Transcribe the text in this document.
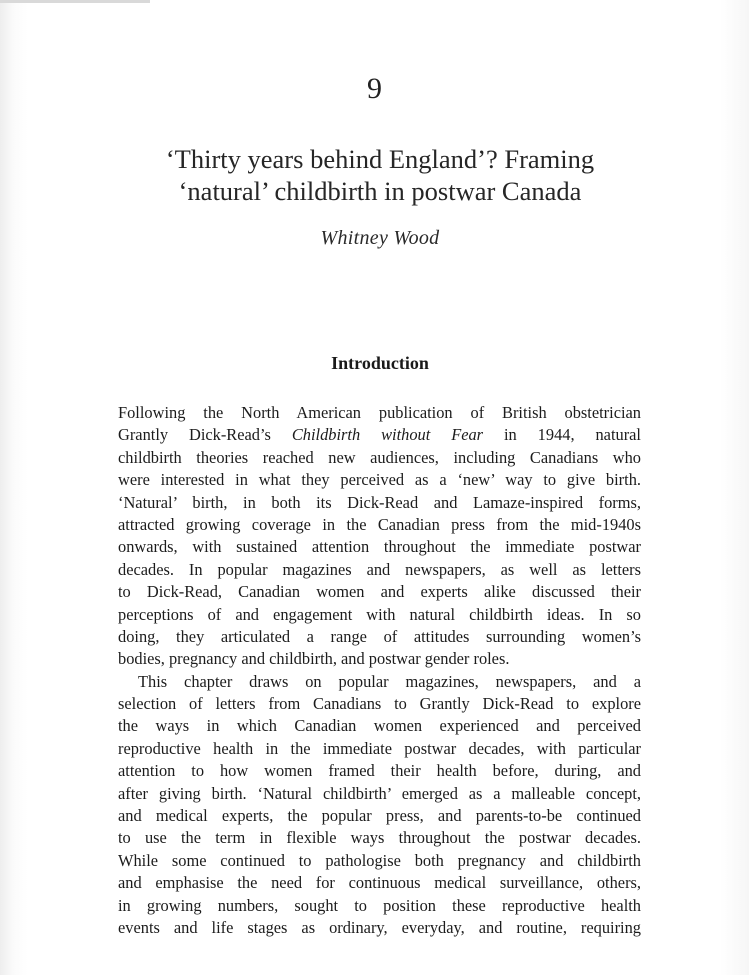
9
‘Thirty years behind England’? Framing
‘natural’ childbirth in postwar Canada
Whitney Wood
Introduction
Following the North American publication of British obstetrician
Grantly Dick-Read’s Childbirth without Fear in 1944, natural
childbirth theories reached new audiences, including Canadians who
were interested in what they perceived as a ‘new’ way to give birth.
‘Natural’ birth, in both its Dick-Read and Lamaze-inspired forms,
attracted growing coverage in the Canadian press from the mid-1940s
onwards, with sustained attention throughout the immediate postwar
decades. In popular magazines and newspapers, as well as letters
to Dick-Read, Canadian women and experts alike discussed their
perceptions of and engagement with natural childbirth ideas. In so
doing, they articulated a range of attitudes surrounding women’s
bodies, pregnancy and childbirth, and postwar gender roles.
This chapter draws on popular magazines, newspapers, and a
selection of letters from Canadians to Grantly Dick-Read to explore
the ways in which Canadian women experienced and perceived
reproductive health in the immediate postwar decades, with particular
attention to how women framed their health before, during, and
after giving birth. ‘Natural childbirth’ emerged as a malleable concept,
and medical experts, the popular press, and parents-to-be continued
to use the term in flexible ways throughout the postwar decades.
While some continued to pathologise both pregnancy and childbirth
and emphasise the need for continuous medical surveillance, others,
in growing numbers, sought to position these reproductive health
events and life stages as ordinary, everyday, and routine, requiring
